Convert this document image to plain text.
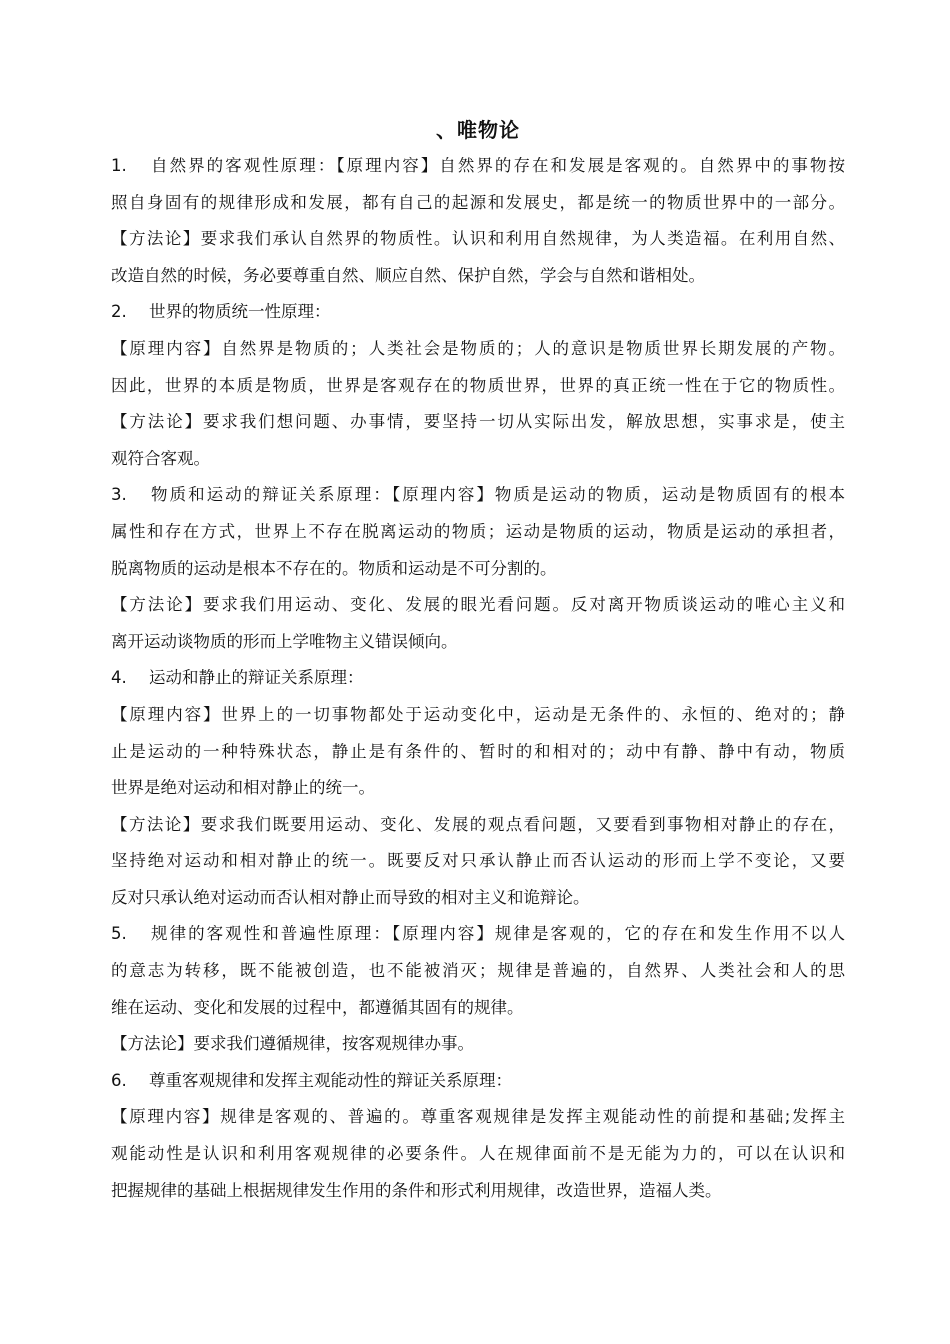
、唯物论
1. 自然界的客观性原理：【原理内容】自然界的存在和发展是客观的。自然界中的事物按
照自身固有的规律形成和发展，都有自己的起源和发展史，都是统一的物质世界中的一部分。
【方法论】要求我们承认自然界的物质性。认识和利用自然规律，为人类造福。在利用自然、
改造自然的时候，务必要尊重自然、顺应自然、保护自然，学会与自然和谐相处。
2. 世界的物质统一性原理：
【原理内容】自然界是物质的；人类社会是物质的；人的意识是物质世界长期发展的产物。
因此，世界的本质是物质，世界是客观存在的物质世界，世界的真正统一性在于它的物质性。
【方法论】要求我们想问题、办事情，要坚持一切从实际出发，解放思想，实事求是，使主
观符合客观。
3. 物质和运动的辩证关系原理：【原理内容】物质是运动的物质，运动是物质固有的根本
属性和存在方式，世界上不存在脱离运动的物质；运动是物质的运动，物质是运动的承担者，
脱离物质的运动是根本不存在的。物质和运动是不可分割的。
【方法论】要求我们用运动、变化、发展的眼光看问题。反对离开物质谈运动的唯心主义和
离开运动谈物质的形而上学唯物主义错误倾向。
4. 运动和静止的辩证关系原理：
【原理内容】世界上的一切事物都处于运动变化中，运动是无条件的、永恒的、绝对的；静
止是运动的一种特殊状态，静止是有条件的、暂时的和相对的；动中有静、静中有动，物质
世界是绝对运动和相对静止的统一。
【方法论】要求我们既要用运动、变化、发展的观点看问题，又要看到事物相对静止的存在，
坚持绝对运动和相对静止的统一。既要反对只承认静止而否认运动的形而上学不变论，又要
反对只承认绝对运动而否认相对静止而导致的相对主义和诡辩论。
5. 规律的客观性和普遍性原理：【原理内容】规律是客观的，它的存在和发生作用不以人
的意志为转移，既不能被创造，也不能被消灭；规律是普遍的，自然界、人类社会和人的思
维在运动、变化和发展的过程中，都遵循其固有的规律。
【方法论】要求我们遵循规律，按客观规律办事。
6. 尊重客观规律和发挥主观能动性的辩证关系原理：
【原理内容】规律是客观的、普遍的。尊重客观规律是发挥主观能动性的前提和基础;发挥主
观能动性是认识和利用客观规律的必要条件。人在规律面前不是无能为力的，可以在认识和
把握规律的基础上根据规律发生作用的条件和形式利用规律，改造世界，造福人类。
